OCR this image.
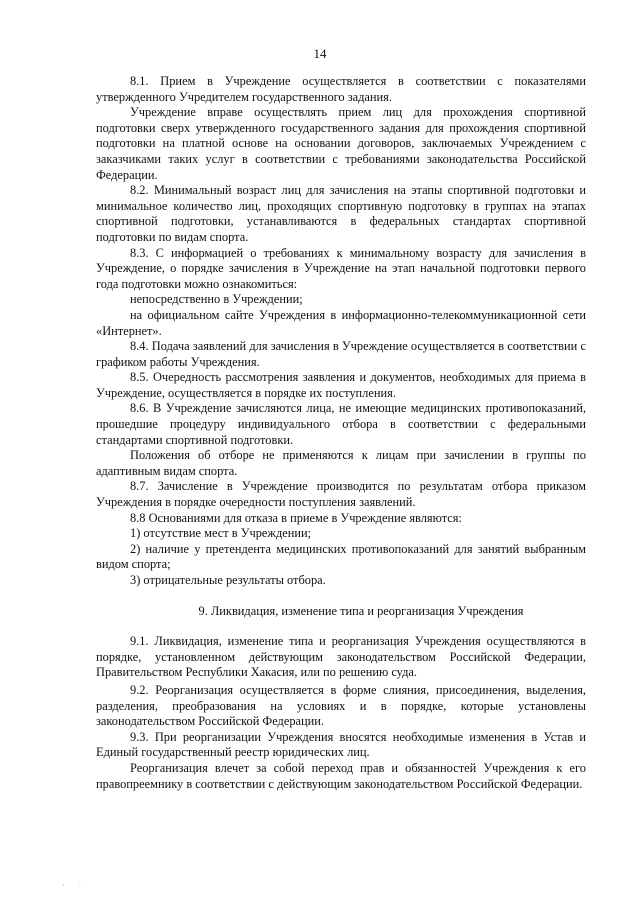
14

8.1. Прием в Учреждение осуществляется в соответствии с показателями утвержденного Учредителем государственного задания.

Учреждение вправе осуществлять прием лиц для прохождения спортивной подготовки сверх утвержденного государственного задания для прохождения спортивной подготовки на платной основе на основании договоров, заключаемых Учреждением с заказчиками таких услуг в соответствии с требованиями законодательства Российской Федерации.

8.2. Минимальный возраст лиц для зачисления на этапы спортивной подготовки и минимальное количество лиц, проходящих спортивную подготовку в группах на этапах спортивной подготовки, устанавливаются в федеральных стандартах спортивной подготовки по видам спорта.

8.3. С информацией о требованиях к минимальному возрасту для зачисления в Учреждение, о порядке зачисления в Учреждение на этап начальной подготовки первого года подготовки можно ознакомиться:

непосредственно в Учреждении;

на официальном сайте Учреждения в информационно-телекоммуникационной сети «Интернет».

8.4. Подача заявлений для зачисления в Учреждение осуществляется в соответствии с графиком работы Учреждения.

8.5. Очередность рассмотрения заявления и документов, необходимых для приема в Учреждение, осуществляется в порядке их поступления.

8.6. В Учреждение зачисляются лица, не имеющие медицинских противопоказаний, прошедшие процедуру индивидуального отбора в соответствии с федеральными стандартами спортивной подготовки.

Положения об отборе не применяются к лицам при зачислении в группы по адаптивным видам спорта.

8.7. Зачисление в Учреждение производится по результатам отбора приказом Учреждения в порядке очередности поступления заявлений.

8.8 Основаниями для отказа в приеме в Учреждение являются:

1) отсутствие мест в Учреждении;

2) наличие у претендента медицинских противопоказаний для занятий выбранным видом спорта;

3) отрицательные результаты отбора.

9. Ликвидация, изменение типа и реорганизация Учреждения

9.1. Ликвидация, изменение типа и реорганизация Учреждения осуществляются в порядке, установленном действующим законодательством Российской Федерации, Правительством Республики Хакасия, или по решению суда.

9.2. Реорганизация осуществляется в форме слияния, присоединения, выделения, разделения, преобразования на условиях и в порядке, которые установлены законодательством Российской Федерации.

9.3. При реорганизации Учреждения вносятся необходимые изменения в Устав и Единый государственный реестр юридических лиц.

Реорганизация влечет за собой переход прав и обязанностей Учреждения к его правопреемнику в соответствии с действующим законодательством Российской Федерации.

· ·
